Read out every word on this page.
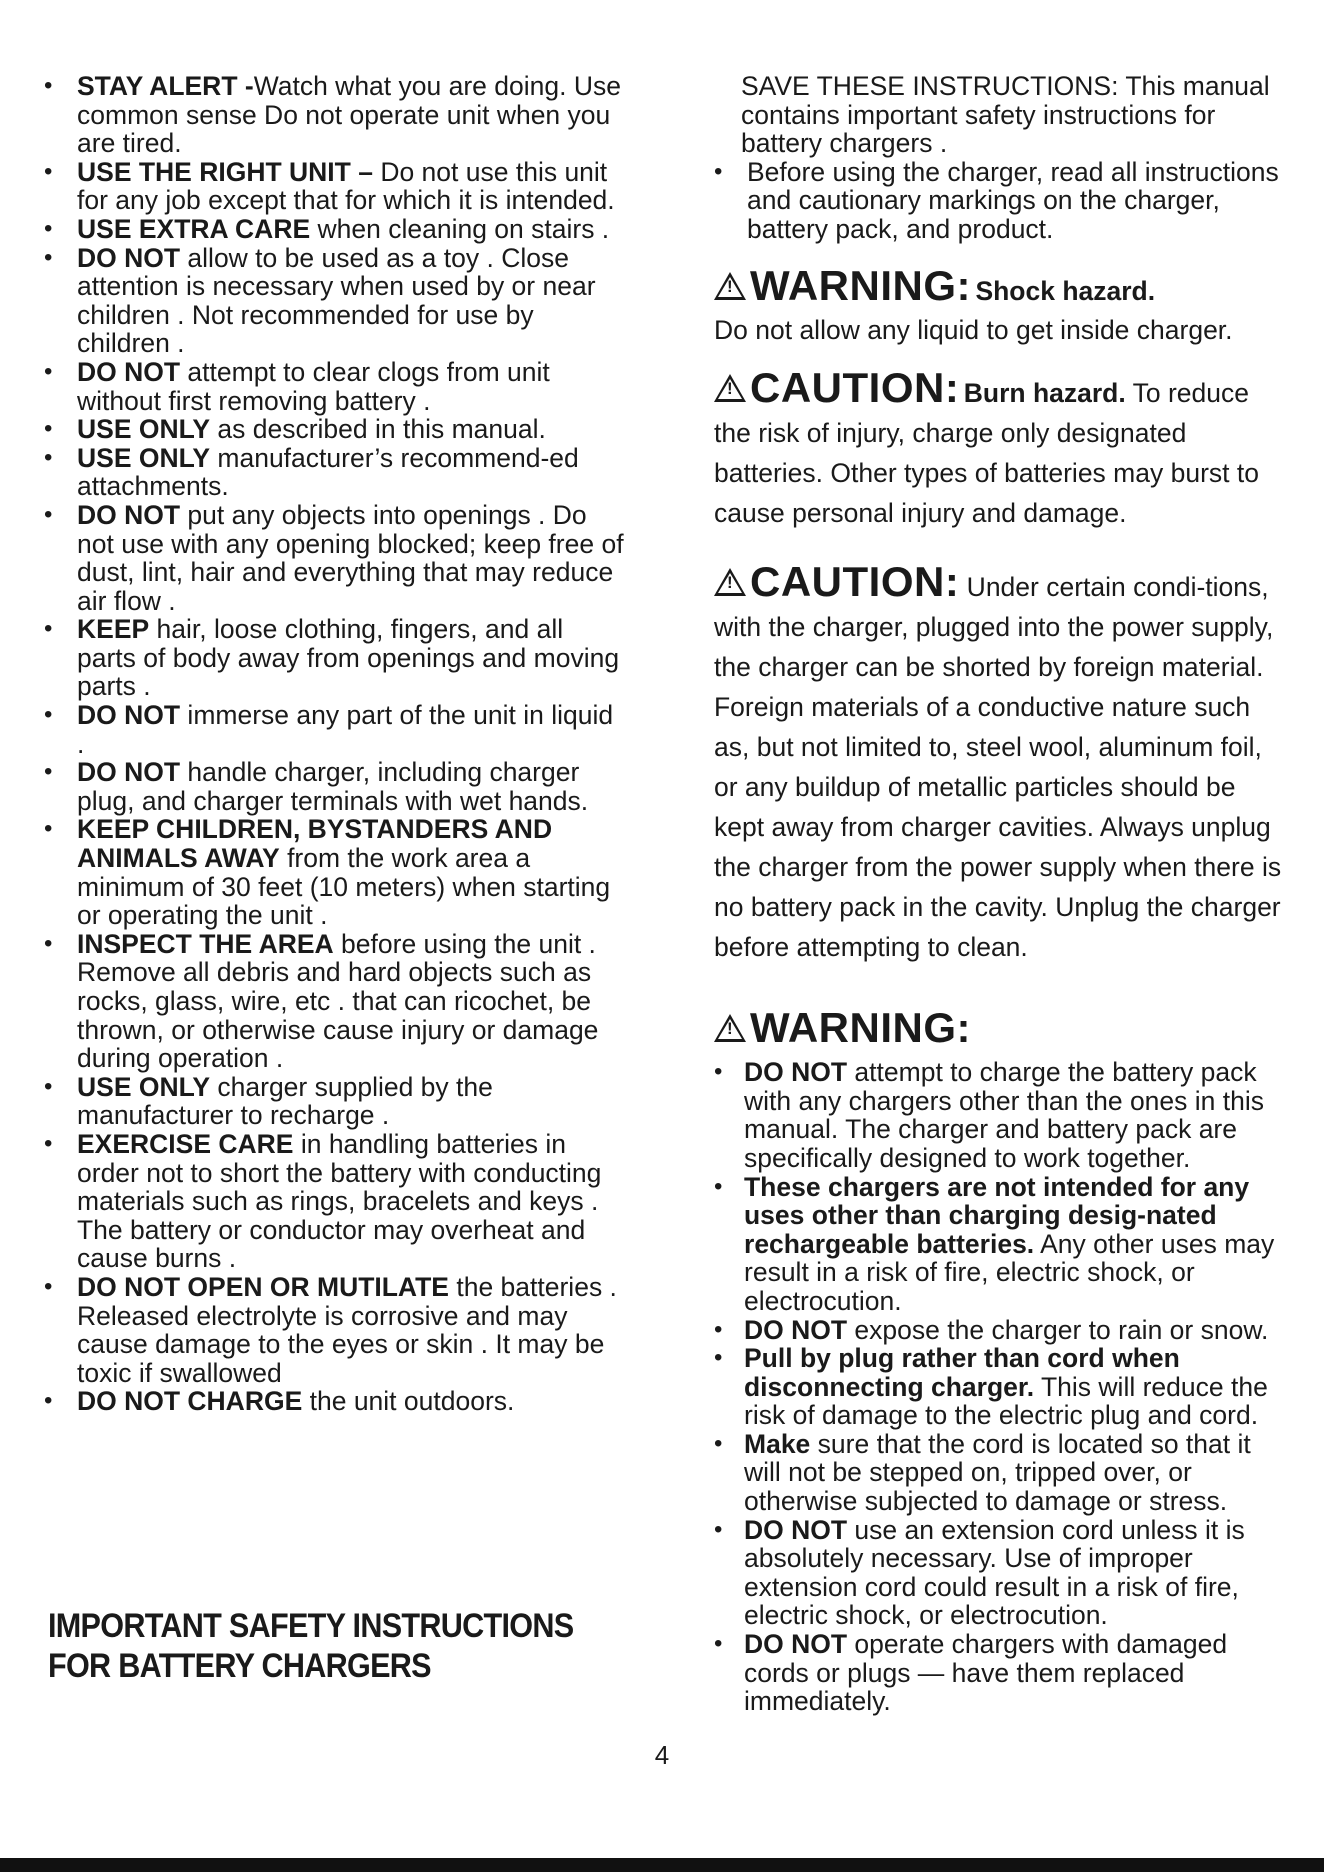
• STAY ALERT -Watch what you are doing. Use common sense Do not operate unit when you are tired.
• USE THE RIGHT UNIT – Do not use this unit for any job except that for which it is intended.
• USE EXTRA CARE when cleaning on stairs .
• DO NOT allow to be used as a toy . Close attention is necessary when used by or near children . Not recommended for use by children .
• DO NOT attempt to clear clogs from unit without first removing battery .
• USE ONLY as described in this manual.
• USE ONLY manufacturer’s recommend-ed attachments.
• DO NOT put any objects into openings . Do not use with any opening blocked; keep free of dust, lint, hair and everything that may reduce air flow .
• KEEP hair, loose clothing, fingers, and all parts of body away from openings and moving parts .
• DO NOT immerse any part of the unit in liquid .
• DO NOT handle charger, including charger plug, and charger terminals with wet hands.
• KEEP CHILDREN, BYSTANDERS AND ANIMALS AWAY from the work area a minimum of 30 feet (10 meters) when starting or operating the unit .
• INSPECT THE AREA before using the unit . Remove all debris and hard objects such as rocks, glass, wire, etc . that can ricochet, be thrown, or otherwise cause injury or damage during operation .
• USE ONLY charger supplied by the manufacturer to recharge .
• EXERCISE CARE in handling batteries in order not to short the battery with conducting materials such as rings, bracelets and keys . The battery or conductor may overheat and cause burns .
• DO NOT OPEN OR MUTILATE the batteries . Released electrolyte is corrosive and may cause damage to the eyes or skin . It may be toxic if swallowed
• DO NOT CHARGE the unit outdoors.
IMPORTANT SAFETY INSTRUCTIONS
FOR BATTERY CHARGERS

SAVE THESE INSTRUCTIONS: This manual contains important safety instructions for battery chargers .

• Before using the charger, read all instructions and cautionary markings on the charger, battery pack, and product.

!WARNING: Shock hazard.

Do not allow any liquid to get inside charger.

!CAUTION: Burn hazard. To reduce the risk of injury, charge only designated batteries. Other types of batteries may burst to cause personal injury and damage.

!CAUTION: Under certain condi-tions, with the charger, plugged into the power supply, the charger can be shorted by foreign material. Foreign materials of a conductive nature such as, but not limited to, steel wool, aluminum foil, or any buildup of metallic particles should be kept away from charger cavities. Always unplug the charger from the power supply when there is no battery pack in the cavity. Unplug the charger before attempting to clean.

!WARNING:

• DO NOT attempt to charge the battery pack with any chargers other than the ones in this manual. The charger and battery pack are specifically designed to work together.
• These chargers are not intended for any uses other than charging desig-nated rechargeable batteries. Any other uses may result in a risk of fire, electric shock, or electrocution.
• DO NOT expose the charger to rain or snow.
• Pull by plug rather than cord when disconnecting charger. This will reduce the risk of damage to the electric plug and cord.
• Make sure that the cord is located so that it will not be stepped on, tripped over, or otherwise subjected to damage or stress.
• DO NOT use an extension cord unless it is absolutely necessary. Use of improper extension cord could result in a risk of fire, electric shock, or electrocution.
• DO NOT operate chargers with damaged cords or plugs — have them replaced immediately.
4
